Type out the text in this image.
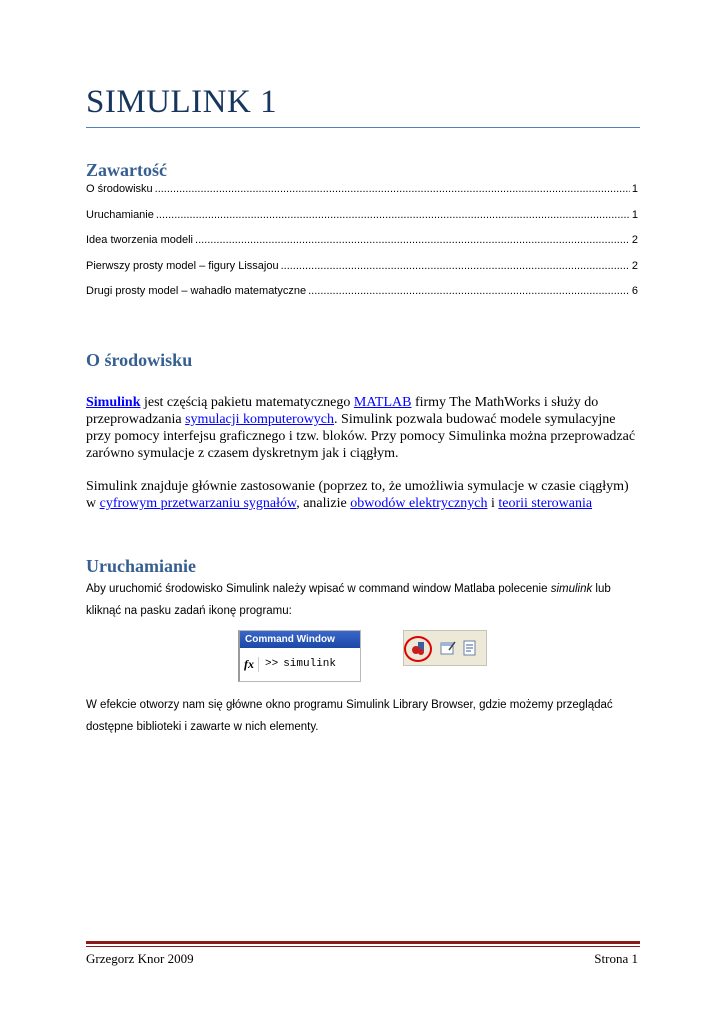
SIMULINK 1
Zawartość
O środowisku .....	1
Uruchamianie .....	1
Idea tworzenia modeli .....	2
Pierwszy prosty model – figury Lissajou .....	2
Drugi prosty model – wahadło matematyczne .....	6
O środowisku

Simulink jest częścią pakietu matematycznego MATLAB firmy The MathWorks i służy do przeprowadzania symulacji komputerowych. Simulink pozwala budować modele symulacyjne przy pomocy interfejsu graficznego i tzw. bloków. Przy pomocy Simulinka można przeprowadzać zarówno symulacje z czasem dyskretnym jak i ciągłym.

Simulink znajduje głównie zastosowanie (poprzez to, że umożliwia symulacje w czasie ciągłym) w cyfrowym przetwarzaniu sygnałów, analizie obwodów elektrycznych i teorii sterowania

Uruchamianie

Aby uruchomić środowisko Simulink należy wpisać w command window Matlaba polecenie simulink lub kliknąć na pasku zadań ikonę programu:

Command Window
fx	>> simulink

W efekcie otworzy nam się główne okno programu Simulink Library Browser, gdzie możemy przeglądać dostępne biblioteki i zawarte w nich elementy.

Grzegorz Knor 2009	Strona 1
